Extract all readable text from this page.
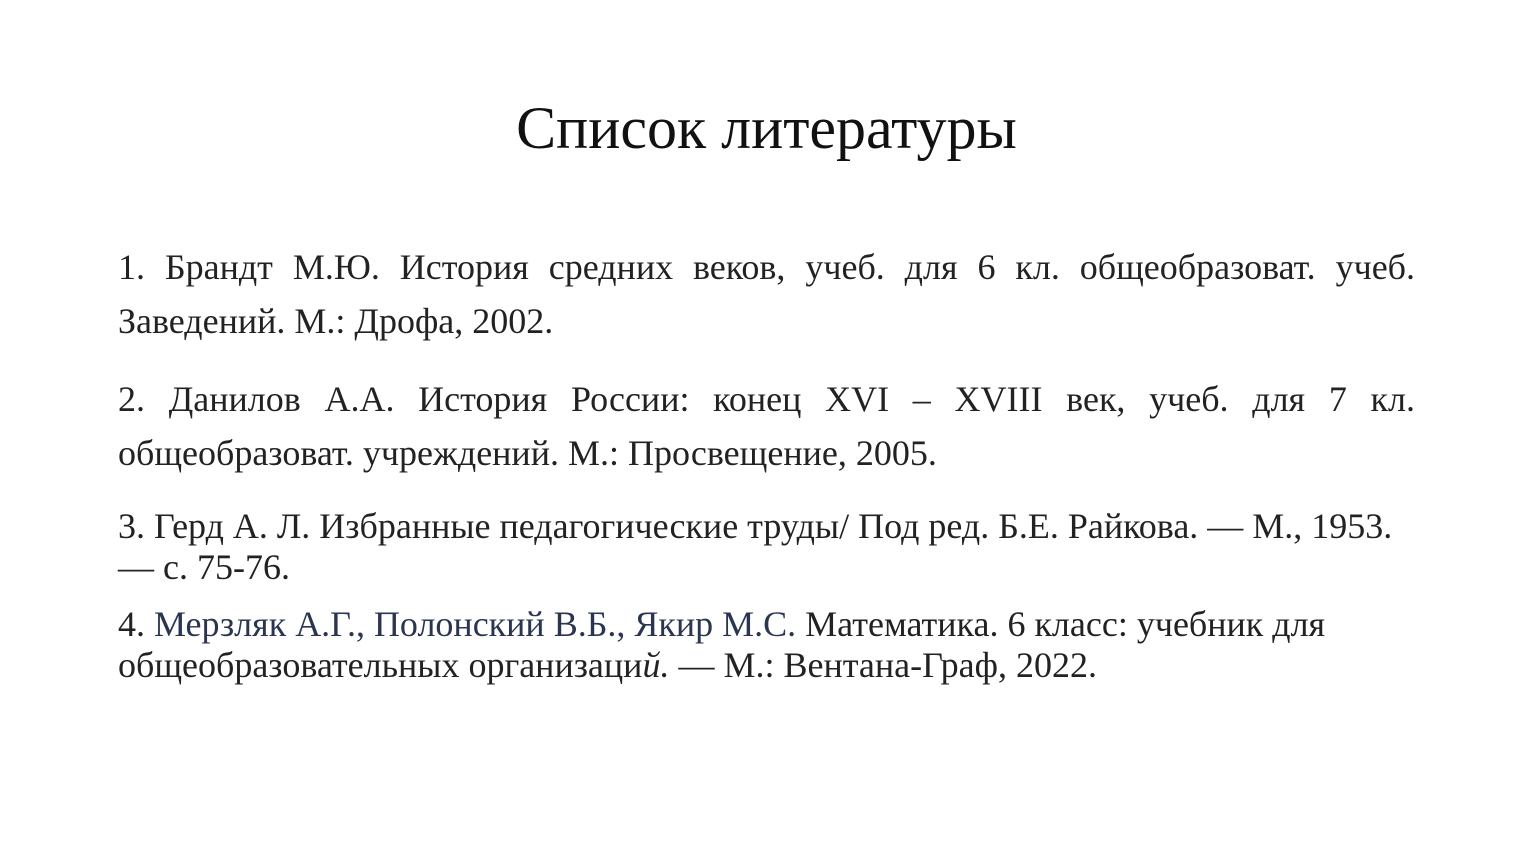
Список литературы
1. Брандт М.Ю. История средних веков, учеб. для 6 кл. общеобразоват. учеб. Заведений. М.: Дрофа, 2002.
2. Данилов А.А. История России: конец XVI – XVIII век, учеб. для 7 кл. общеобразоват. учреждений. М.: Просвещение, 2005.
3. Герд А. Л. Избранные педагогические труды/ Под ред. Б.Е. Райкова. — М., 1953. — с. 75-76.
4. Мерзляк А.Г., Полонский В.Б., Якир М.С. Математика. 6 класс: учебник для общеобразовательных организаций. — М.: Вентана-Граф, 2022.
